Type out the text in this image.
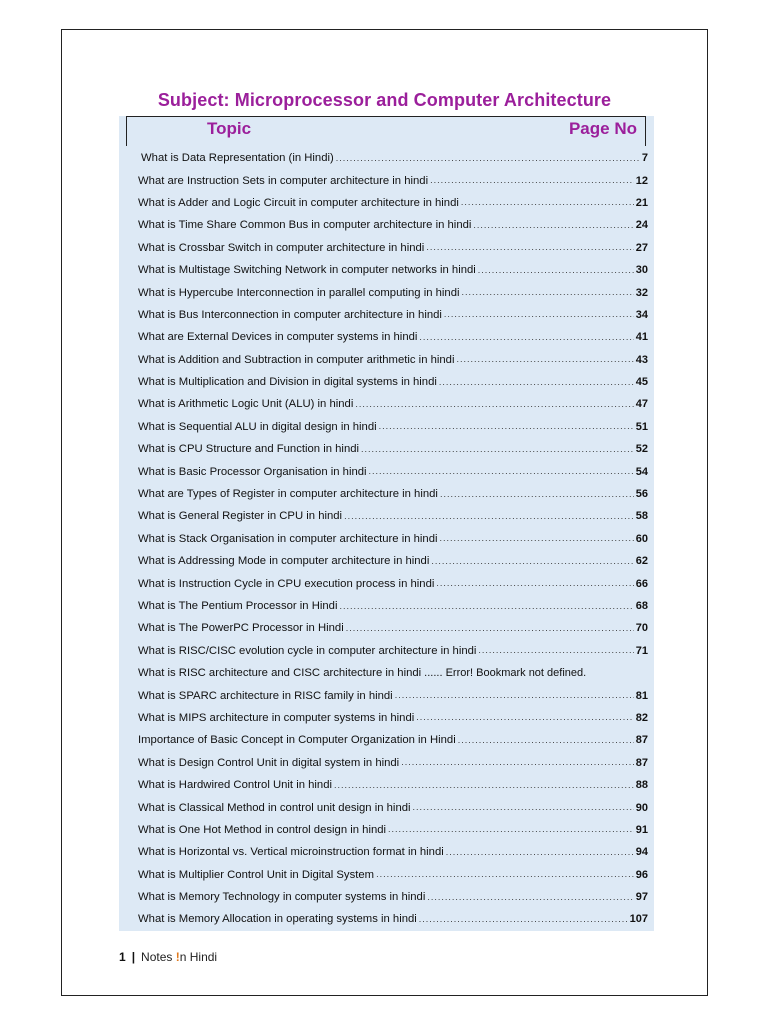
Subject: Microprocessor and Computer Architecture
Topic	Page No
What is Data Representation (in Hindi) .....	7
What are Instruction Sets in computer architecture in hindi .....	12
What is Adder and Logic Circuit in computer architecture in hindi .....	21
What is Time Share Common Bus in computer architecture in hindi .....	24
What is Crossbar Switch in computer architecture in hindi .....	27
What is Multistage Switching Network in computer networks in hindi .....	30
What is Hypercube Interconnection in parallel computing in hindi .....	32
What is Bus Interconnection in computer architecture in hindi .....	34
What are External Devices in computer systems in hindi .....	41
What is Addition and Subtraction in computer arithmetic in hindi .....	43
What is Multiplication and Division in digital systems in hindi .....	45
What is Arithmetic Logic Unit (ALU) in hindi .....	47
What is Sequential ALU in digital design in hindi .....	51
What is CPU Structure and Function in hindi .....	52
What is Basic Processor Organisation in hindi .....	54
What are Types of Register in computer architecture in hindi .....	56
What is General Register in CPU in hindi .....	58
What is Stack Organisation in computer architecture in hindi .....	60
What is Addressing Mode in computer architecture in hindi .....	62
What is Instruction Cycle in CPU execution process in hindi .....	66
What is The Pentium Processor in Hindi .....	68
What is The PowerPC Processor in Hindi .....	70
What is RISC/CISC evolution cycle in computer architecture in hindi .....	71
What is RISC architecture and CISC architecture in hindi ...... Error! Bookmark not defined.
What is SPARC architecture in RISC family in hindi .....	81
What is MIPS architecture in computer systems in hindi .....	82
Importance of Basic Concept in Computer Organization in Hindi .....	87
What is Design Control Unit in digital system in hindi .....	87
What is Hardwired Control Unit in hindi .....	88
What is Classical Method in control unit design in hindi .....	90
What is One Hot Method in control design in hindi .....	91
What is Horizontal vs. Vertical microinstruction format in hindi .....	94
What is Multiplier Control Unit in Digital System .....	96
What is Memory Technology in computer systems in hindi .....	97
What is Memory Allocation in operating systems in hindi .....	107
1 | Notes !n Hindi
